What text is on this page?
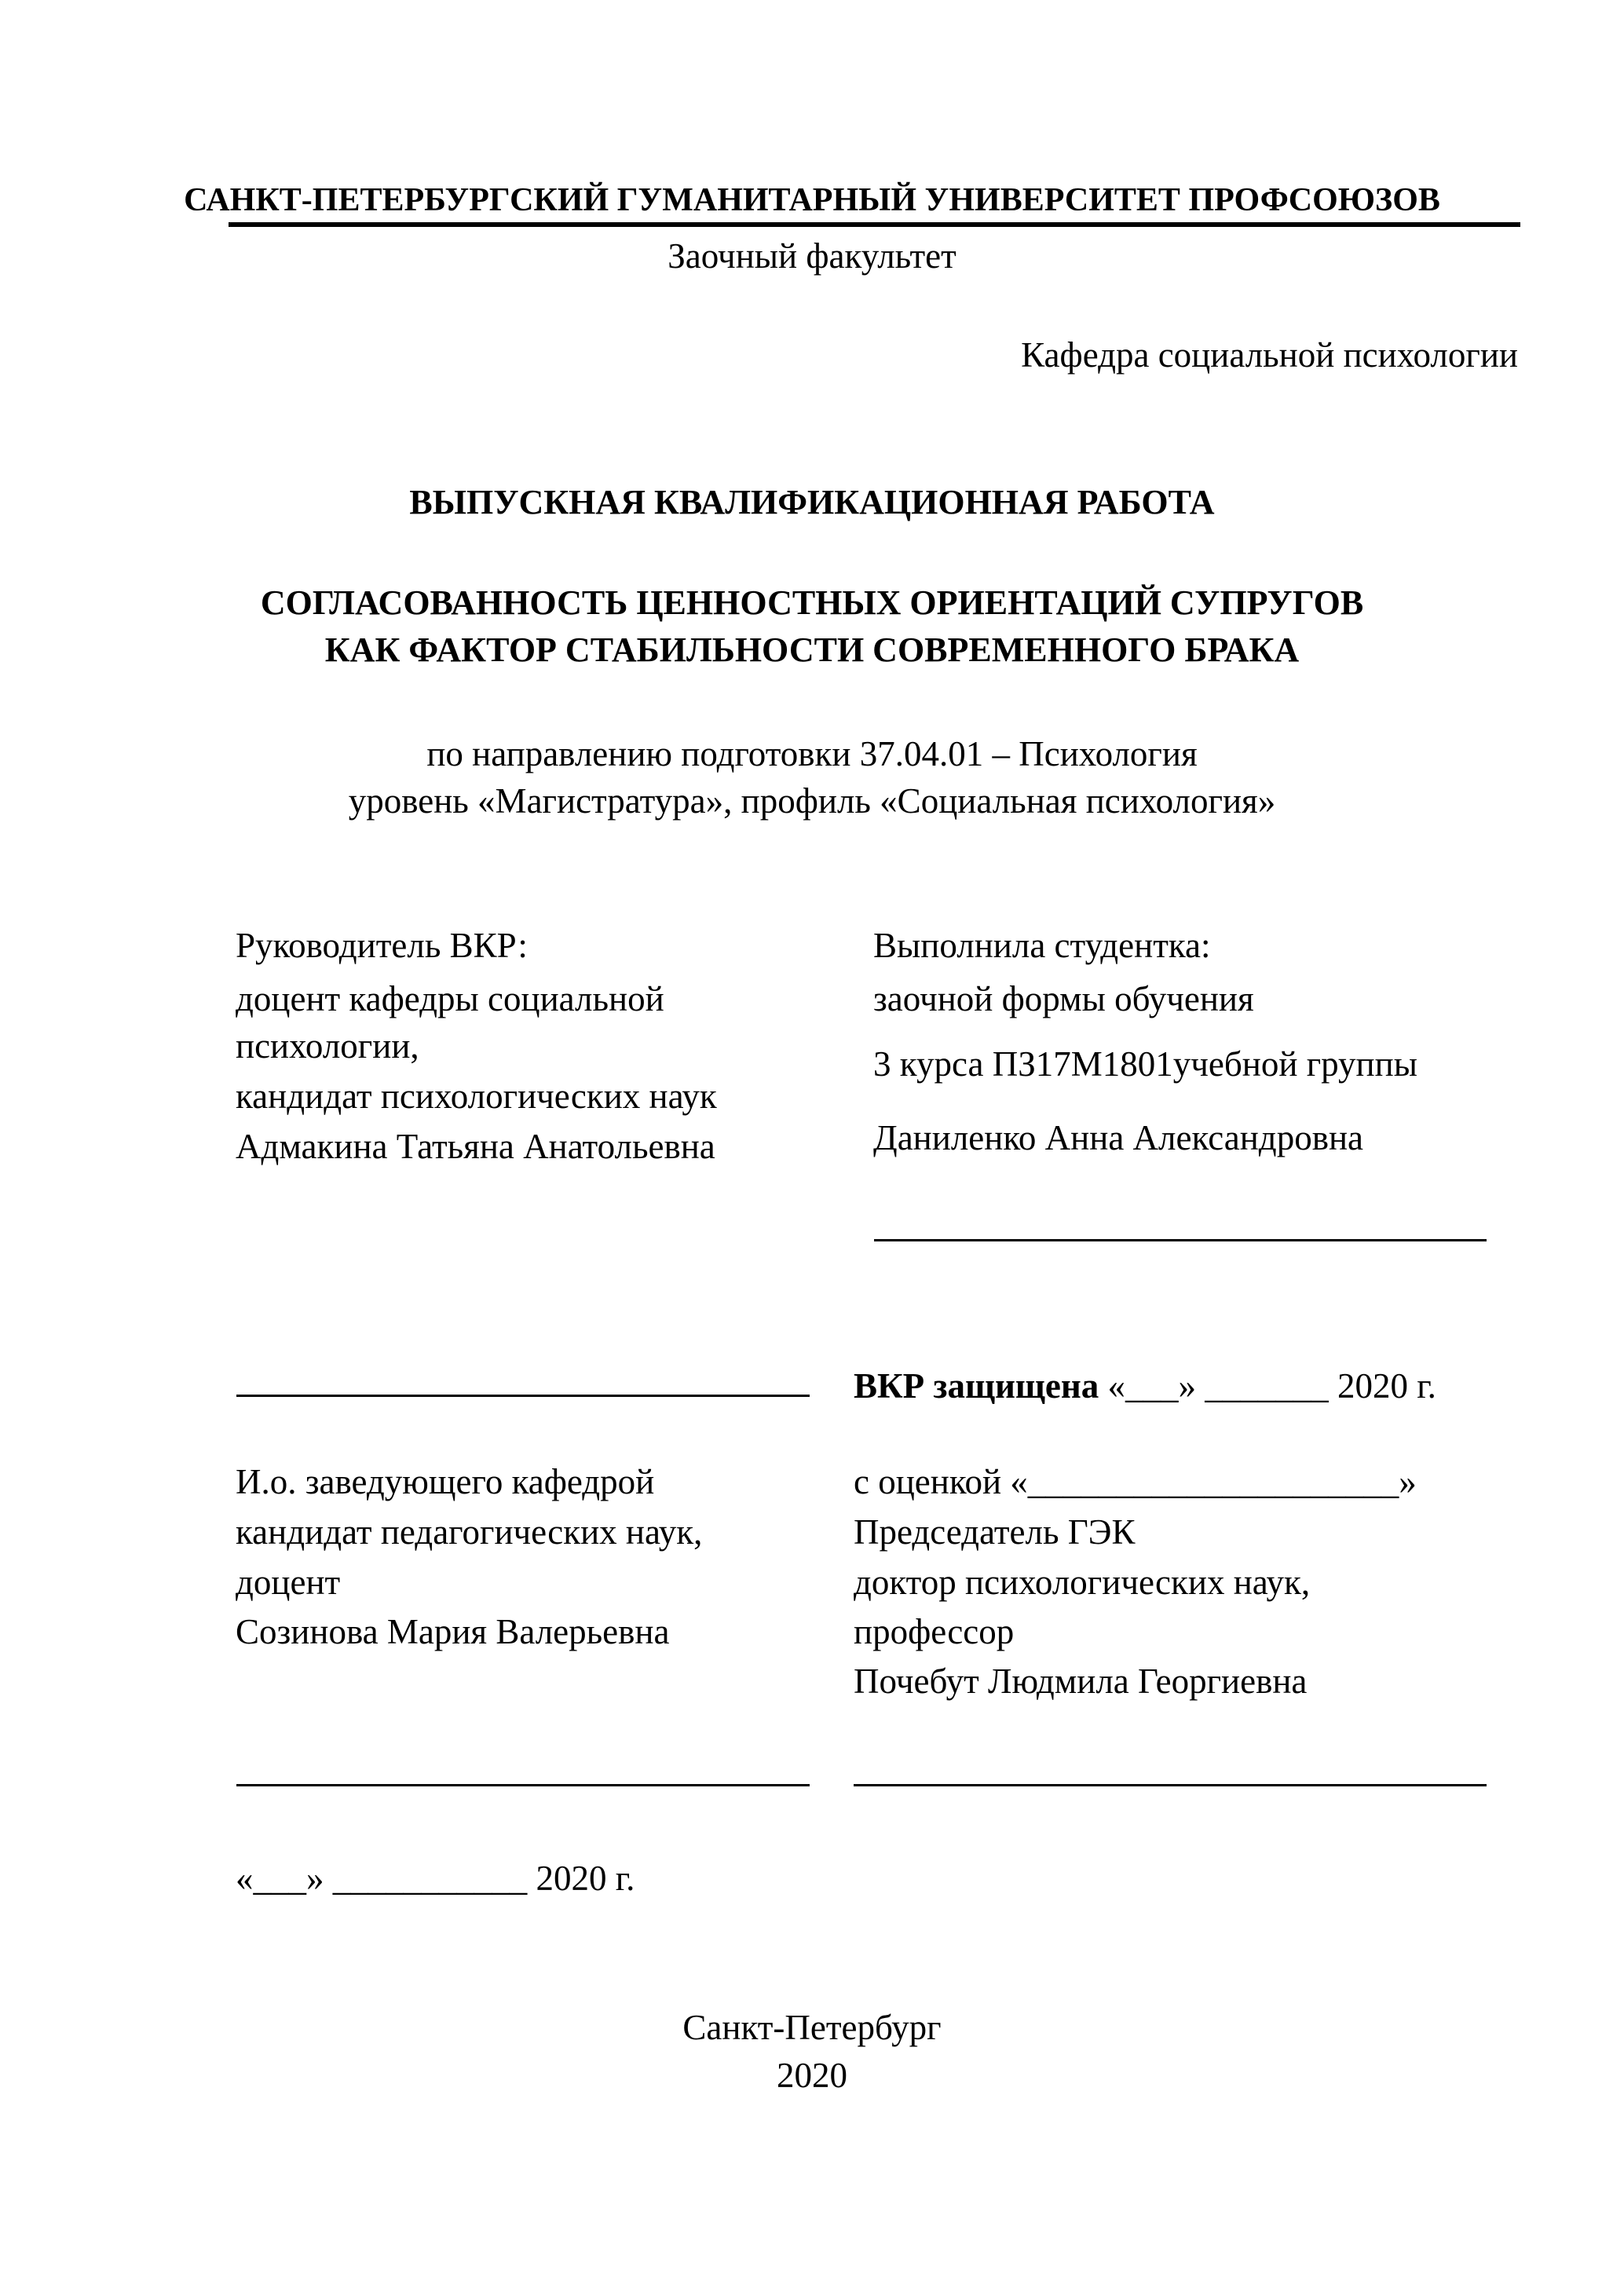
САНКТ-ПЕТЕРБУРГСКИЙ ГУМАНИТАРНЫЙ УНИВЕРСИТЕТ ПРОФСОЮЗОВ
Заочный факультет
Кафедра социальной психологии
ВЫПУСКНАЯ КВАЛИФИКАЦИОННАЯ РАБОТА
СОГЛАСОВАННОСТЬ ЦЕННОСТНЫХ ОРИЕНТАЦИЙ СУПРУГОВ
КАК ФАКТОР СТАБИЛЬНОСТИ СОВРЕМЕННОГО БРАКА
по направлению подготовки 37.04.01 – Психология
уровень «Магистратура», профиль «Социальная психология»
Руководитель ВКР:
доцент кафедры социальной
психологии,
кандидат психологических наук
Адмакина Татьяна Анатольевна
Выполнила студентка:
заочной формы обучения
3 курса ПЗ17М1801учебной группы
Даниленко Анна Александровна
ВКР защищена «___» _______ 2020 г.
И.о. заведующего кафедрой
кандидат педагогических наук,
доцент
Созинова Мария Валерьевна
с оценкой «_____________________»
Председатель ГЭК
доктор психологических наук,
профессор
Почебут Людмила Георгиевна
«___» ___________ 2020 г.
Санкт-Петербург
2020
